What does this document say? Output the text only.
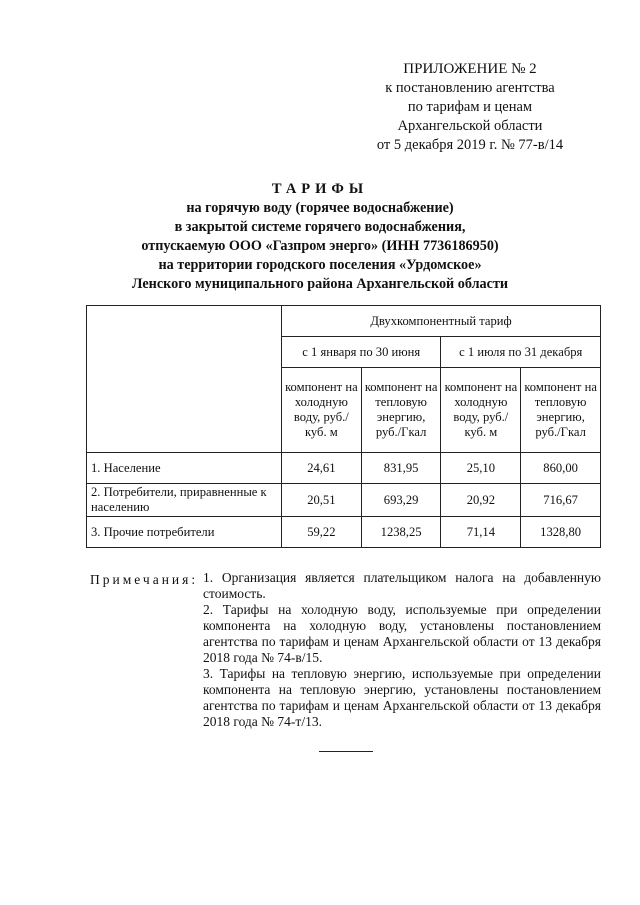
ПРИЛОЖЕНИЕ № 2
к постановлению агентства
по тарифам и ценам
Архангельской области
от 5 декабря 2019 г. № 77-в/14
ТАРИФЫ
на горячую воду (горячее водоснабжение)
в закрытой системе горячего водоснабжения,
отпускаемую ООО «Газпром энерго» (ИНН 7736186950)
на территории городского поселения «Урдомское»
Ленского муниципального района Архангельской области
	Двухкомпонентный тариф			
	с 1 января по 30 июня		с 1 июля по 31 декабря	
	компонент на холодную воду, руб./куб. м	компонент на тепловую энергию, руб./Гкал	компонент на холодную воду, руб./куб. м	компонент на тепловую энергию, руб./Гкал
1. Население	24,61	831,95	25,10	860,00
2. Потребители, приравненные к населению	20,51	693,29	20,92	716,67
3. Прочие потребители	59,22	1238,25	71,14	1328,80
Примечания: 1. Организация является плательщиком налога на добавленную стоимость.

2. Тарифы на холодную воду, используемые при определении компонента на холодную воду, установлены постановлением агентства по тарифам и ценам Архангельской области от 13 декабря 2018 года № 74-в/15.

3. Тарифы на тепловую энергию, используемые при определении компонента на тепловую энергию, установлены постановлением агентства по тарифам и ценам Архангельской области от 13 декабря 2018 года № 74-т/13.
